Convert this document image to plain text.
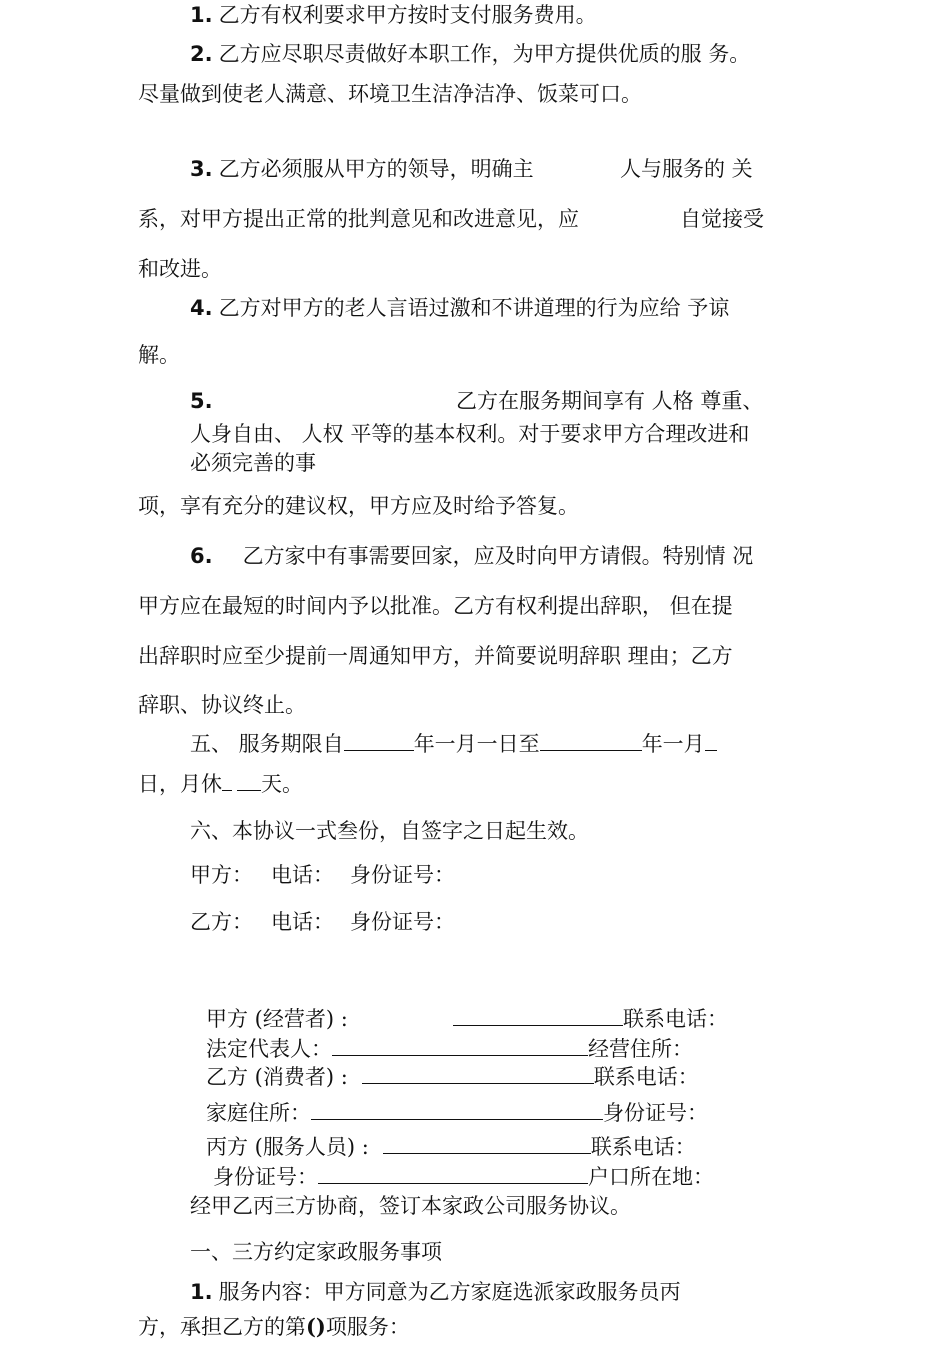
1. 乙方有权利要求甲方按时支付服务费用。
2. 乙方应尽职尽责做好本职工作，为甲方提供优质的服 务。
尽量做到使老人满意、环境卫生洁净洁净、饭菜可口。

3. 乙方必须服从甲方的领导，明确主	人与服务的 关
系，对甲方提出正常的批判意见和改进意见，应	自觉接受
和改进。
4. 乙方对甲方的老人言语过激和不讲道理的行为应给 予谅
解。
5.	乙方在服务期间享有 人格 尊重、
人身自由、 人权 平等的基本权利。对于要求甲方合理改进和
必须完善的事
项，享有充分的建议权，甲方应及时给予答复。
6. 乙方家中有事需要回家，应及时向甲方请假。特别情 况
甲方应在最短的时间内予以批准。乙方有权利提出辞职， 但在提
出辞职时应至少提前一周通知甲方，并简要说明辞职 理由；乙方
辞职、协议终止。
五、 服务期限自	年一月一日至	年一月
日，月休 天。
六、本协议一式叁份，自签字之日起生效。
甲方： 电话： 身份证号：
乙方： 电话： 身份证号：
甲方 (经营者) :	联系电话：
法定代表人：	经营住所：
乙方 (消费者) :	联系电话：
家庭住所：	身份证号：
丙方 (服务人员) :	联系电话：
身份证号：	户口所在地：
经甲乙丙三方协商，签订本家政公司服务协议。
一、三方约定家政服务事项
1. 服务内容：甲方同意为乙方家庭选派家政服务员丙
方，承担乙方的第()项服务：
